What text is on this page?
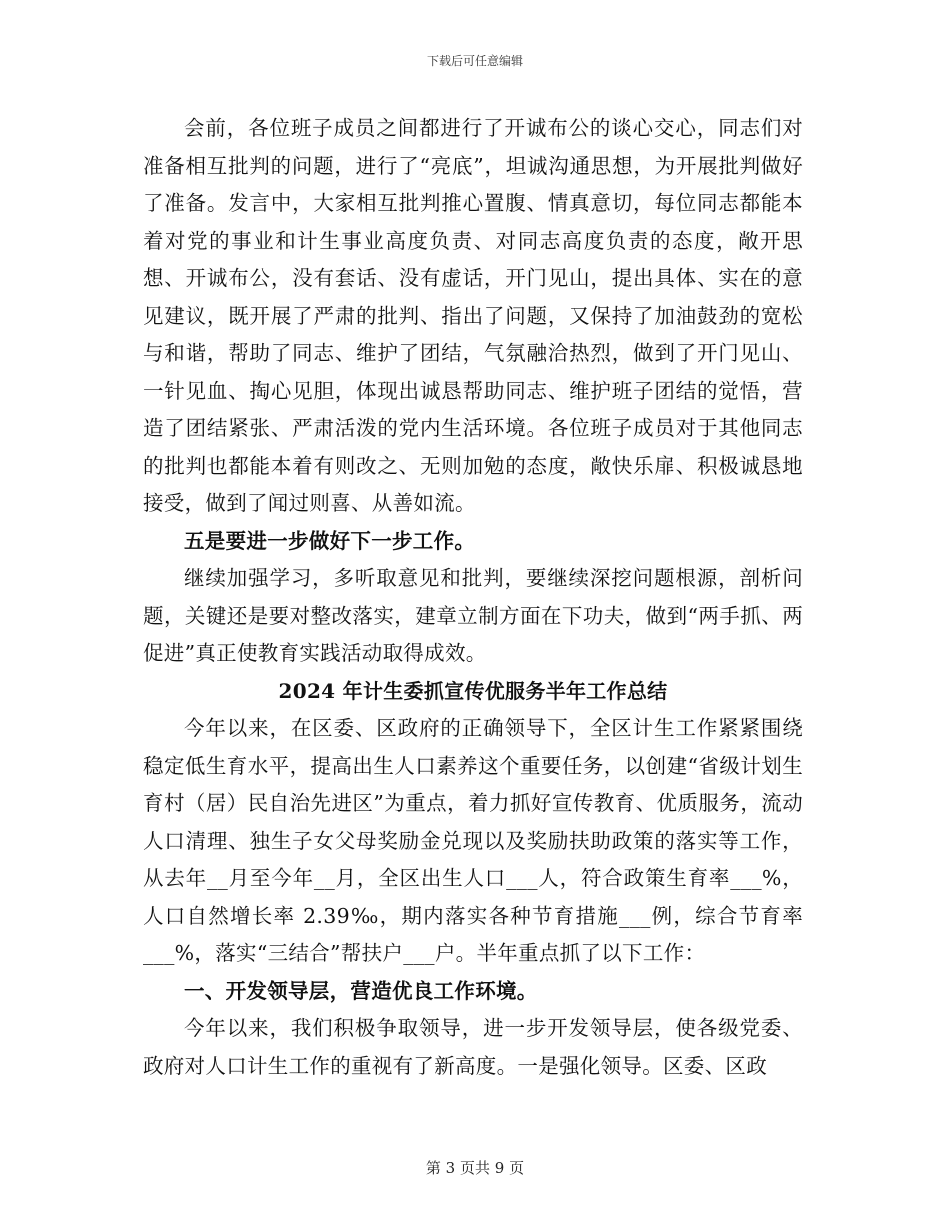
下载后可任意编辑

会前，各位班子成员之间都进行了开诚布公的谈心交心，同志们对准备相互批判的问题，进行了“亮底”，坦诚沟通思想，为开展批判做好了准备。发言中，大家相互批判推心置腹、情真意切，每位同志都能本着对党的事业和计生事业高度负责、对同志高度负责的态度，敞开思想、开诚布公，没有套话、没有虚话，开门见山，提出具体、实在的意见建议，既开展了严肃的批判、指出了问题，又保持了加油鼓劲的宽松与和谐，帮助了同志、维护了团结，气氛融洽热烈，做到了开门见山、一针见血、掏心见胆，体现出诚恳帮助同志、维护班子团结的觉悟，营造了团结紧张、严肃活泼的党内生活环境。各位班子成员对于其他同志的批判也都能本着有则改之、无则加勉的态度，敞快乐扉、积极诚恳地接受，做到了闻过则喜、从善如流。

五是要进一步做好下一步工作。

继续加强学习，多听取意见和批判，要继续深挖问题根源，剖析问题，关键还是要对整改落实，建章立制方面在下功夫，做到“两手抓、两促进”真正使教育实践活动取得成效。

2024 年计生委抓宣传优服务半年工作总结

今年以来，在区委、区政府的正确领导下，全区计生工作紧紧围绕稳定低生育水平，提高出生人口素养这个重要任务，以创建“省级计划生育村（居）民自治先进区”为重点，着力抓好宣传教育、优质服务，流动人口清理、独生子女父母奖励金兑现以及奖励扶助政策的落实等工作，从去年__月至今年__月，全区出生人口___人，符合政策生育率___%，人口自然增长率 2.39‰，期内落实各种节育措施___例，综合节育率___%，落实“三结合”帮扶户___户。半年重点抓了以下工作：

一、开发领导层，营造优良工作环境。

今年以来，我们积极争取领导，进一步开发领导层，使各级党委、政府对人口计生工作的重视有了新高度。一是强化领导。区委、区政

第 3 页共 9 页
